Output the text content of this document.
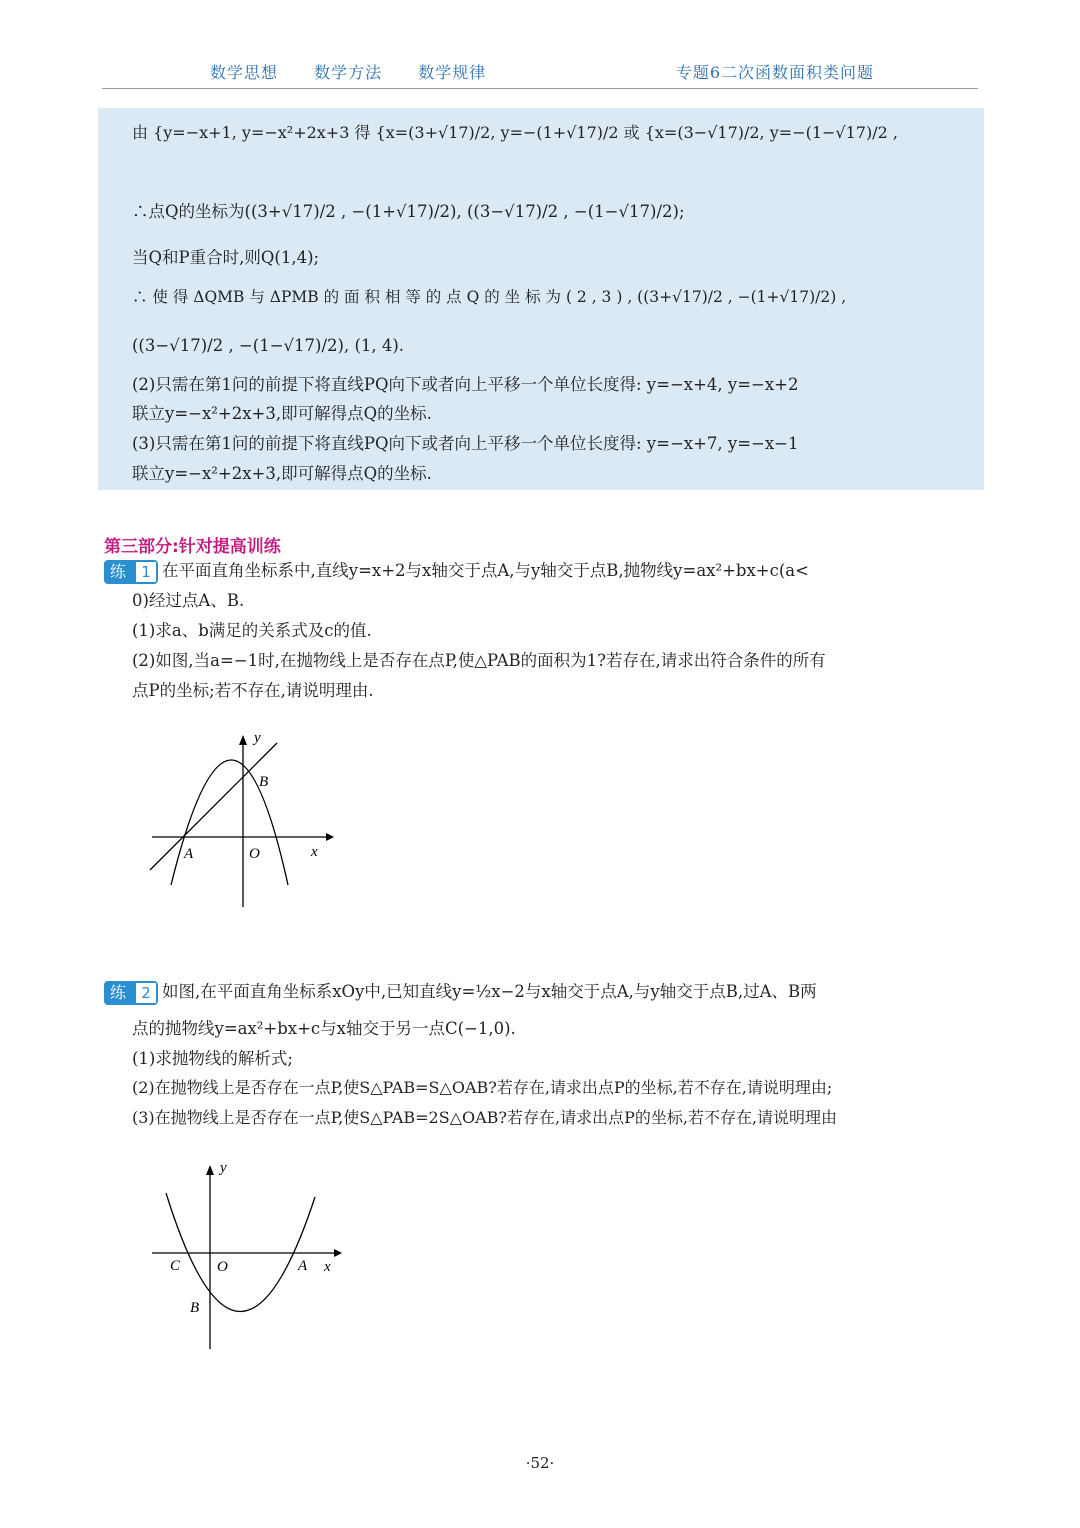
数学思想 数学方法 数学规律	专题6二次函数面积类问题
由 {y=−x+1, y=−x²+2x+3 得 {x=(3+√17)/2, y=−(1+√17)/2 或 {x=(3−√17)/2, y=−(1−√17)/2 ,
∴点Q的坐标为((3+√17)/2 , −(1+√17)/2), ((3−√17)/2 , −(1−√17)/2);
当Q和P重合时,则Q(1,4);
∴ 使 得 ΔQMB 与 ΔPMB 的 面 积 相 等 的 点 Q 的 坐 标 为 ( 2 , 3 ) , ((3+√17)/2 , −(1+√17)/2) ,
((3−√17)/2 , −(1−√17)/2), (1, 4).
(2)只需在第1问的前提下将直线PQ向下或者向上平移一个单位长度得: y=−x+4, y=−x+2
联立y=−x²+2x+3,即可解得点Q的坐标.
(3)只需在第1问的前提下将直线PQ向下或者向上平移一个单位长度得: y=−x+7, y=−x−1
联立y=−x²+2x+3,即可解得点Q的坐标.
第三部分:针对提高训练
练	1 在平面直角坐标系中,直线y=x+2与x轴交于点A,与y轴交于点B,抛物线y=ax²+bx+c(a<
0)经过点A、B.
(1)求a、b满足的关系式及c的值.
(2)如图,当a=−1时,在抛物线上是否存在点P,使△PAB的面积为1?若存在,请求出符合条件的所有
点P的坐标;若不存在,请说明理由.
y
x
B
A	O
练	2 如图,在平面直角坐标系xOy中,已知直线y=½x−2与x轴交于点A,与y轴交于点B,过A、B两
点的抛物线y=ax²+bx+c与x轴交于另一点C(−1,0).
(1)求抛物线的解析式;
(2)在抛物线上是否存在一点P,使S△PAB=S△OAB?若存在,请求出点P的坐标,若不存在,请说明理由;
(3)在抛物线上是否存在一点P,使S△PAB=2S△OAB?若存在,请求出点P的坐标,若不存在,请说明理由
y
x
A
C O
B
·52·
